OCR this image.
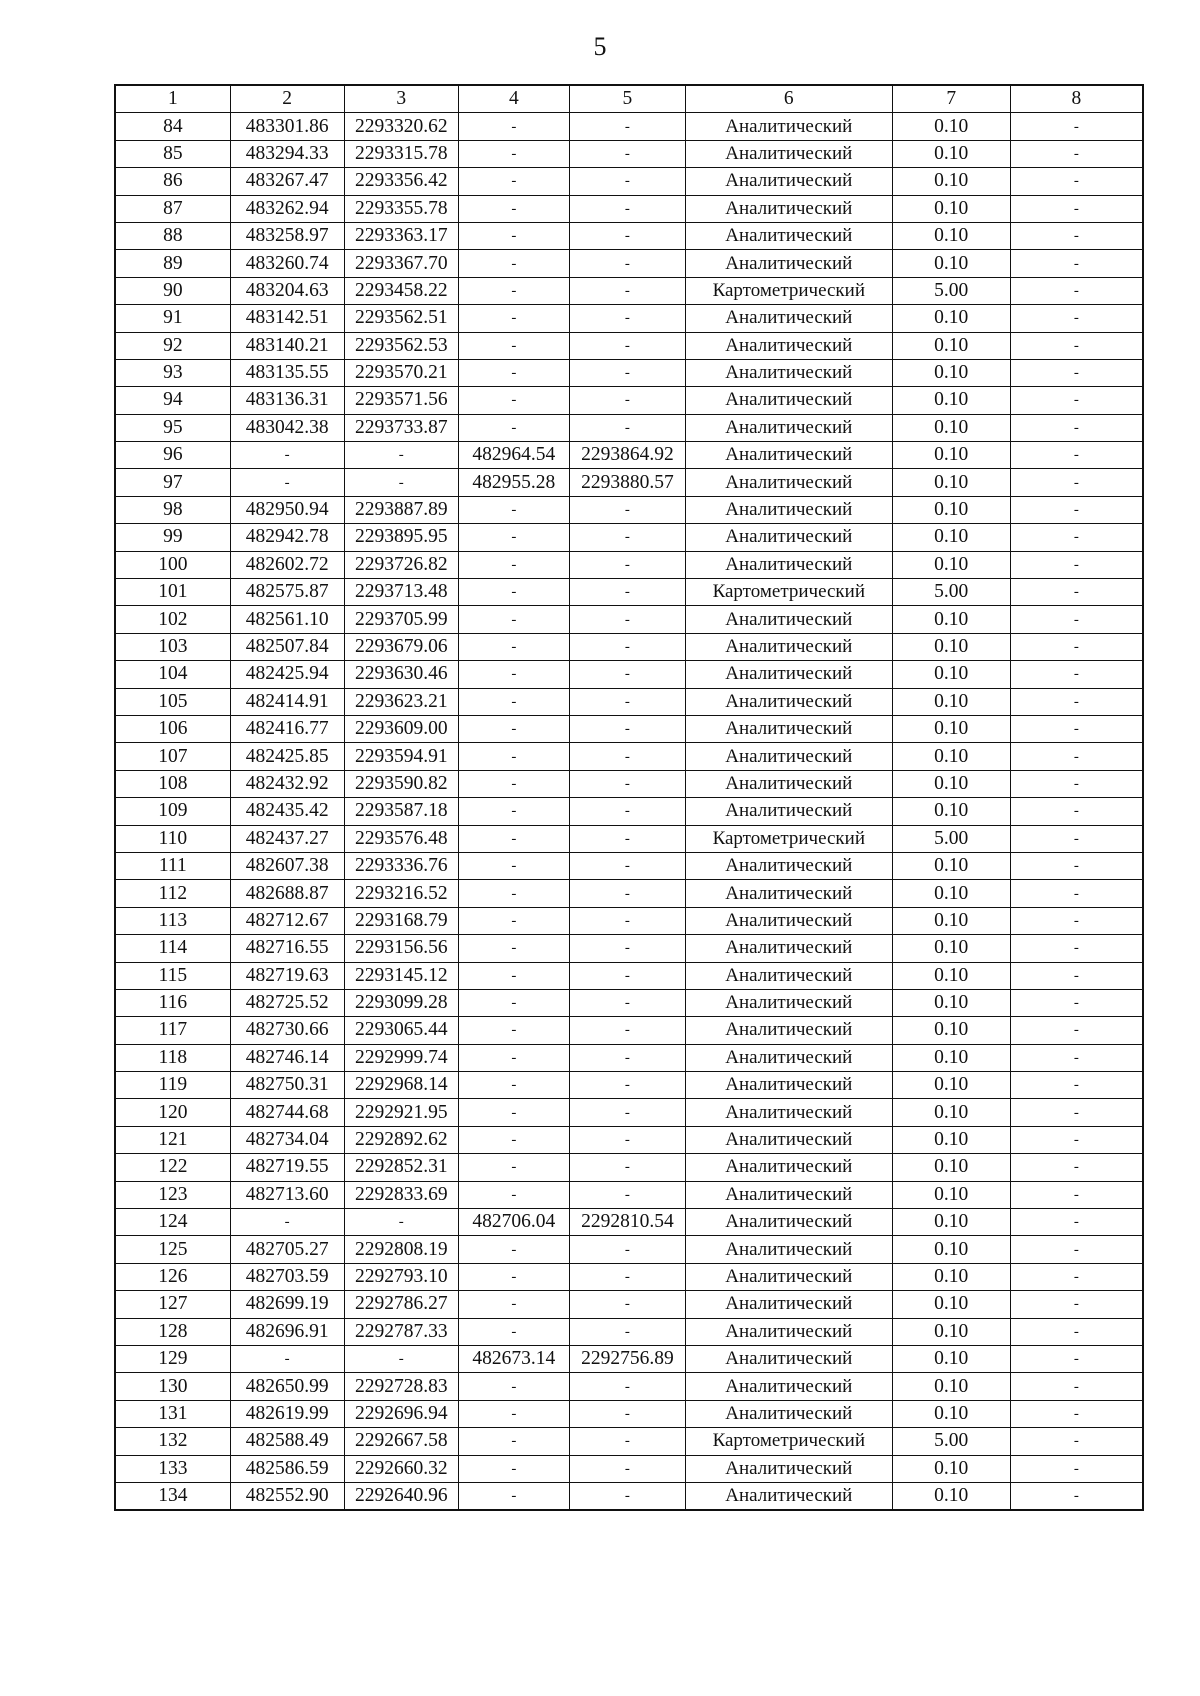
5
1	2	3	4	5	6	7	8
84	483301.86	2293320.62	-	-	Аналитический	0.10	-
85	483294.33	2293315.78	-	-	Аналитический	0.10	-
86	483267.47	2293356.42	-	-	Аналитический	0.10	-
87	483262.94	2293355.78	-	-	Аналитический	0.10	-
88	483258.97	2293363.17	-	-	Аналитический	0.10	-
89	483260.74	2293367.70	-	-	Аналитический	0.10	-
90	483204.63	2293458.22	-	-	Картометрический	5.00	-
91	483142.51	2293562.51	-	-	Аналитический	0.10	-
92	483140.21	2293562.53	-	-	Аналитический	0.10	-
93	483135.55	2293570.21	-	-	Аналитический	0.10	-
94	483136.31	2293571.56	-	-	Аналитический	0.10	-
95	483042.38	2293733.87	-	-	Аналитический	0.10	-
96	-	-	482964.54	2293864.92	Аналитический	0.10	-
97	-	-	482955.28	2293880.57	Аналитический	0.10	-
98	482950.94	2293887.89	-	-	Аналитический	0.10	-
99	482942.78	2293895.95	-	-	Аналитический	0.10	-
100	482602.72	2293726.82	-	-	Аналитический	0.10	-
101	482575.87	2293713.48	-	-	Картометрический	5.00	-
102	482561.10	2293705.99	-	-	Аналитический	0.10	-
103	482507.84	2293679.06	-	-	Аналитический	0.10	-
104	482425.94	2293630.46	-	-	Аналитический	0.10	-
105	482414.91	2293623.21	-	-	Аналитический	0.10	-
106	482416.77	2293609.00	-	-	Аналитический	0.10	-
107	482425.85	2293594.91	-	-	Аналитический	0.10	-
108	482432.92	2293590.82	-	-	Аналитический	0.10	-
109	482435.42	2293587.18	-	-	Аналитический	0.10	-
110	482437.27	2293576.48	-	-	Картометрический	5.00	-
111	482607.38	2293336.76	-	-	Аналитический	0.10	-
112	482688.87	2293216.52	-	-	Аналитический	0.10	-
113	482712.67	2293168.79	-	-	Аналитический	0.10	-
114	482716.55	2293156.56	-	-	Аналитический	0.10	-
115	482719.63	2293145.12	-	-	Аналитический	0.10	-
116	482725.52	2293099.28	-	-	Аналитический	0.10	-
117	482730.66	2293065.44	-	-	Аналитический	0.10	-
118	482746.14	2292999.74	-	-	Аналитический	0.10	-
119	482750.31	2292968.14	-	-	Аналитический	0.10	-
120	482744.68	2292921.95	-	-	Аналитический	0.10	-
121	482734.04	2292892.62	-	-	Аналитический	0.10	-
122	482719.55	2292852.31	-	-	Аналитический	0.10	-
123	482713.60	2292833.69	-	-	Аналитический	0.10	-
124	-	-	482706.04	2292810.54	Аналитический	0.10	-
125	482705.27	2292808.19	-	-	Аналитический	0.10	-
126	482703.59	2292793.10	-	-	Аналитический	0.10	-
127	482699.19	2292786.27	-	-	Аналитический	0.10	-
128	482696.91	2292787.33	-	-	Аналитический	0.10	-
129	-	-	482673.14	2292756.89	Аналитический	0.10	-
130	482650.99	2292728.83	-	-	Аналитический	0.10	-
131	482619.99	2292696.94	-	-	Аналитический	0.10	-
132	482588.49	2292667.58	-	-	Картометрический	5.00	-
133	482586.59	2292660.32	-	-	Аналитический	0.10	-
134	482552.90	2292640.96	-	-	Аналитический	0.10	-
